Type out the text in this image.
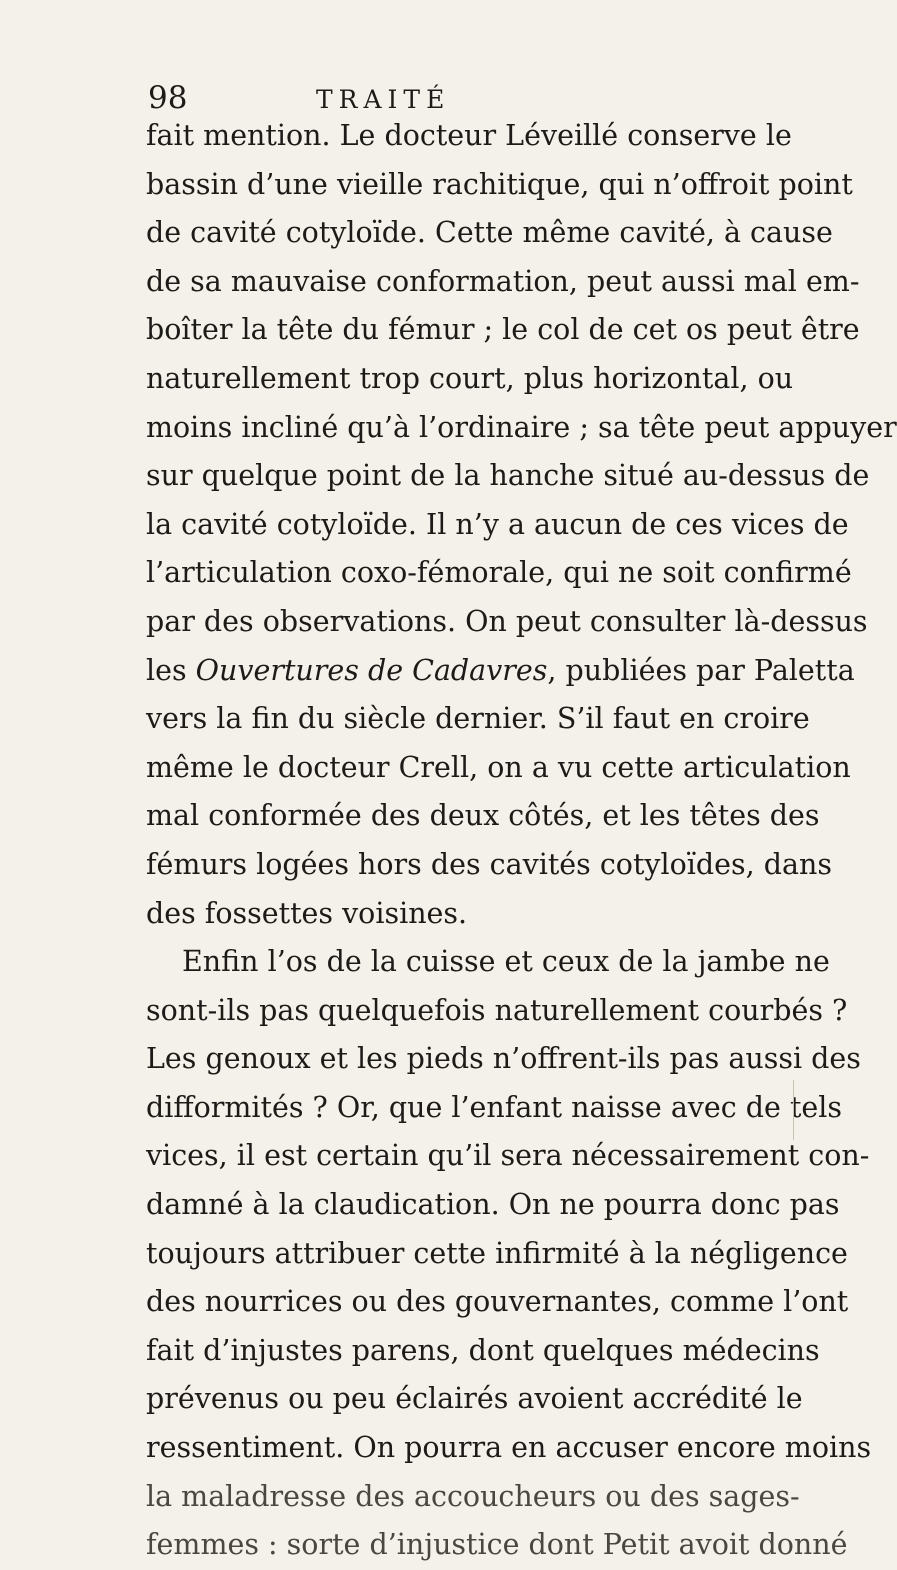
98	TRAITÉ
fait mention. Le docteur Léveillé conserve le
bassin d’une vieille rachitique, qui n’offroit point
de cavité cotyloïde. Cette même cavité, à cause
de sa mauvaise conformation, peut aussi mal em-
boîter la tête du fémur ; le col de cet os peut être
naturellement trop court, plus horizontal, ou
moins incliné qu’à l’ordinaire ; sa tête peut appuyer
sur quelque point de la hanche situé au-dessus de
la cavité cotyloïde. Il n’y a aucun de ces vices de
l’articulation coxo-fémorale, qui ne soit confirmé
par des observations. On peut consulter là-dessus
les Ouvertures de Cadavres, publiées par Paletta
vers la fin du siècle dernier. S’il faut en croire
même le docteur Crell, on a vu cette articulation
mal conformée des deux côtés, et les têtes des
fémurs logées hors des cavités cotyloïdes, dans
des fossettes voisines.
Enfin l’os de la cuisse et ceux de la jambe ne
sont-ils pas quelquefois naturellement courbés ?
Les genoux et les pieds n’offrent-ils pas aussi des
difformités ? Or, que l’enfant naisse avec de tels
vices, il est certain qu’il sera nécessairement con-
damné à la claudication. On ne pourra donc pas
toujours attribuer cette infirmité à la négligence
des nourrices ou des gouvernantes, comme l’ont
fait d’injustes parens, dont quelques médecins
prévenus ou peu éclairés avoient accrédité le
ressentiment. On pourra en accuser encore moins
la maladresse des accoucheurs ou des sages-
femmes : sorte d’injustice dont Petit avoit donné
